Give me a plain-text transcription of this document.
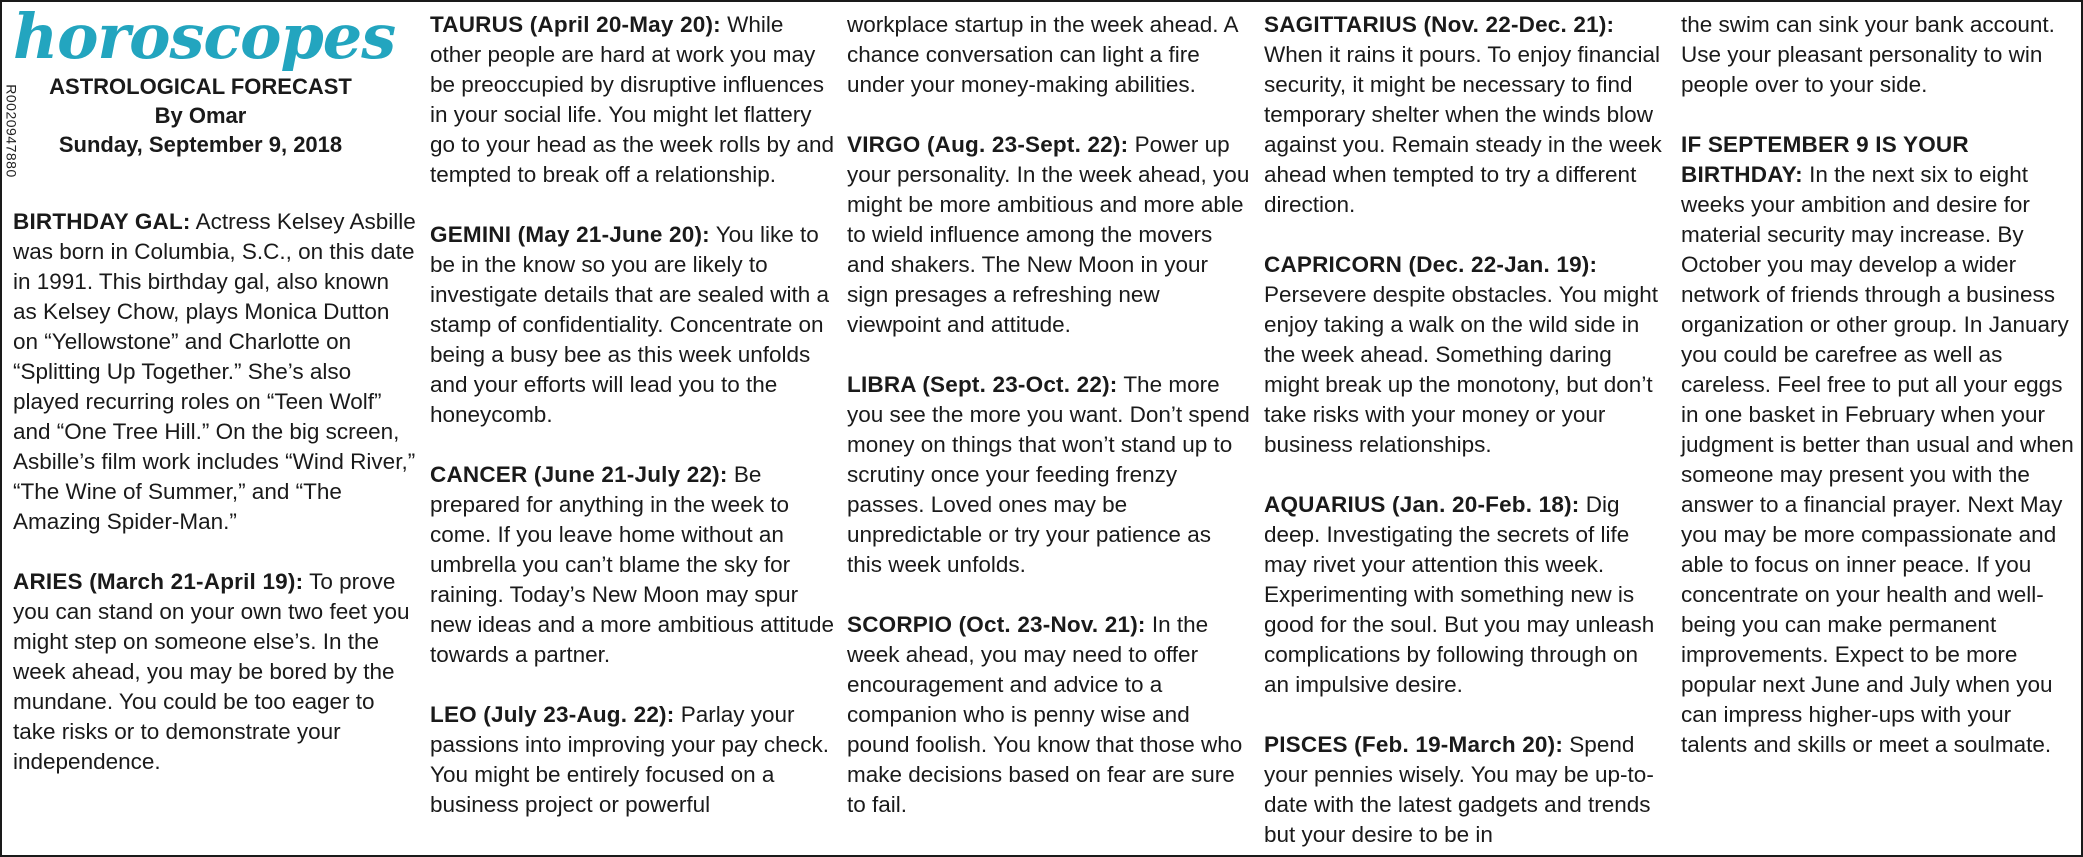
R0020947880
horoscopes
ASTROLOGICAL FORECAST
By Omar
Sunday, September 9, 2018

BIRTHDAY GAL: Actress Kelsey Asbille was born in Columbia, S.C., on this date in 1991. This birthday gal, also known as Kelsey Chow, plays Monica Dutton on “Yellowstone” and Charlotte on “Splitting Up Together.” She’s also played recurring roles on “Teen Wolf” and “One Tree Hill.” On the big screen, Asbille’s film work includes “Wind River,” “The Wine of Summer,” and “The Amazing Spider-Man.”

ARIES (March 21-April 19): To prove you can stand on your own two feet you might step on someone else’s. In the week ahead, you may be bored by the mundane. You could be too eager to take risks or to demonstrate your independence.

TAURUS (April 20-May 20): While other people are hard at work you may be preoccupied by disruptive influences in your social life. You might let flattery go to your head as the week rolls by and tempted to break off a relationship.

GEMINI (May 21-June 20): You like to be in the know so you are likely to investigate details that are sealed with a stamp of confidentiality. Concentrate on being a busy bee as this week unfolds and your efforts will lead you to the honeycomb.

CANCER (June 21-July 22): Be prepared for anything in the week to come. If you leave home without an umbrella you can’t blame the sky for raining. Today’s New Moon may spur new ideas and a more ambitious attitude towards a partner.

LEO (July 23-Aug. 22): Parlay your passions into improving your pay check. You might be entirely focused on a business project or powerful

workplace startup in the week ahead. A chance conversation can light a fire under your money-making abilities.

VIRGO (Aug. 23-Sept. 22): Power up your personality. In the week ahead, you might be more ambitious and more able to wield influence among the movers and shakers. The New Moon in your sign presages a refreshing new viewpoint and attitude.

LIBRA (Sept. 23-Oct. 22): The more you see the more you want. Don’t spend money on things that won’t stand up to scrutiny once your feeding frenzy passes. Loved ones may be unpredictable or try your patience as this week unfolds.

SCORPIO (Oct. 23-Nov. 21): In the week ahead, you may need to offer encouragement and advice to a companion who is penny wise and pound foolish. You know that those who make decisions based on fear are sure to fail.

SAGITTARIUS (Nov. 22-Dec. 21): When it rains it pours. To enjoy financial security, it might be necessary to find temporary shelter when the winds blow against you. Remain steady in the week ahead when tempted to try a different direction.

CAPRICORN (Dec. 22-Jan. 19): Persevere despite obstacles. You might enjoy taking a walk on the wild side in the week ahead. Something daring might break up the monotony, but don’t take risks with your money or your business relationships.

AQUARIUS (Jan. 20-Feb. 18): Dig deep. Investigating the secrets of life may rivet your attention this week. Experimenting with something new is good for the soul. But you may unleash complications by following through on an impulsive desire.

PISCES (Feb. 19-March 20): Spend your pennies wisely. You may be up-to-date with the latest gadgets and trends but your desire to be in

the swim can sink your bank account. Use your pleasant personality to win people over to your side.

IF SEPTEMBER 9 IS YOUR BIRTHDAY: In the next six to eight weeks your ambition and desire for material security may increase. By October you may develop a wider network of friends through a business organization or other group. In January you could be carefree as well as careless. Feel free to put all your eggs in one basket in February when your judgment is better than usual and when someone may present you with the answer to a financial prayer. Next May you may be more compassionate and able to focus on inner peace. If you concentrate on your health and well-being you can make permanent improvements. Expect to be more popular next June and July when you can impress higher-ups with your talents and skills or meet a soulmate.
